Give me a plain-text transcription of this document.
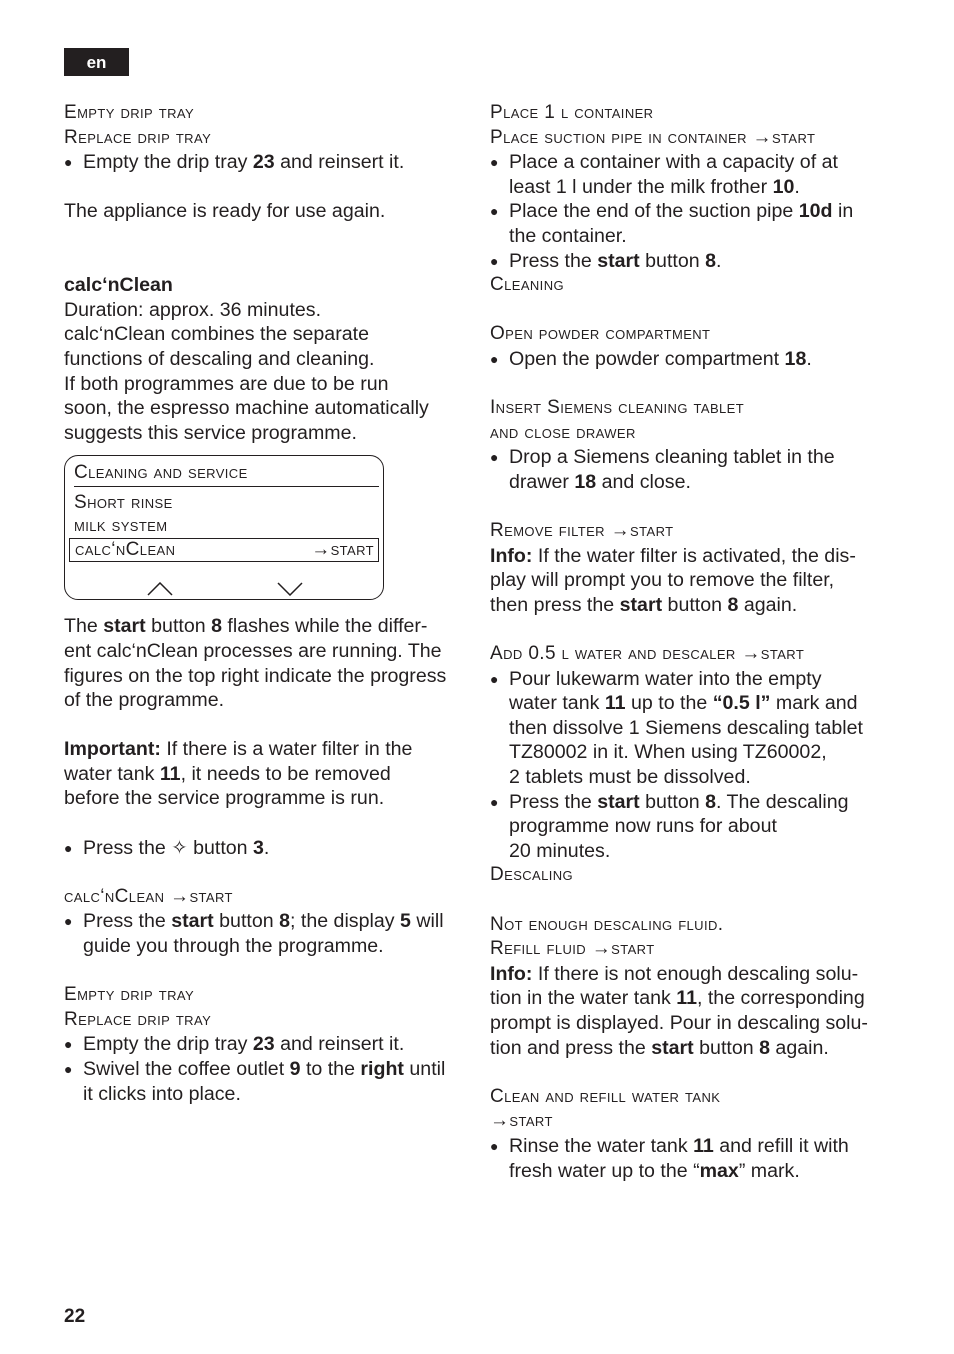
en
Empty drip tray
Replace drip tray
● Empty the drip tray 23 and reinsert it.
The appliance is ready for use again.
calc‘nClean
Duration: approx. 36 minutes.
calc‘nClean combines the separate
functions of descaling and cleaning.
If both programmes are due to be run
soon, the espresso machine automatically
suggests this service programme.
Cleaning and service
Short rinse
milk system
calc‘nClean	→start
The start button 8 flashes while the differ-
ent calc‘nClean processes are running. The
figures on the top right indicate the progress
of the programme.
Important: If there is a water filter in the
water tank 11, it needs to be removed
before the service programme is run.
● Press the ✧ button 3.
calc‘nClean →start
● Press the start button 8; the display 5 will
guide you through the programme.
Empty drip tray
Replace drip tray
● Empty the drip tray 23 and reinsert it.
● Swivel the coffee outlet 9 to the right until
it clicks into place.
Place 1 l container
Place suction pipe in container →start
● Place a container with a capacity of at
least 1 l under the milk frother 10.
● Place the end of the suction pipe 10d in
the container.
● Press the start button 8.
Cleaning
Open powder compartment
● Open the powder compartment 18.
Insert Siemens cleaning tablet
and close drawer
● Drop a Siemens cleaning tablet in the
drawer 18 and close.
Remove filter →start
Info: If the water filter is activated, the dis-
play will prompt you to remove the filter,
then press the start button 8 again.
Add 0.5 l water and descaler →start
● Pour lukewarm water into the empty
water tank 11 up to the “0.5 l” mark and
then dissolve 1 Siemens descaling tablet
TZ80002 in it. When using TZ60002,
2 tablets must be dissolved.
● Press the start button 8. The descaling
programme now runs for about
20 minutes.
Descaling
Not enough descaling fluid.
Refill fluid →start
Info: If there is not enough descaling solu-
tion in the water tank 11, the corresponding
prompt is displayed. Pour in descaling solu-
tion and press the start button 8 again.
Clean and refill water tank
→start
● Rinse the water tank 11 and refill it with
fresh water up to the “max” mark.
22
